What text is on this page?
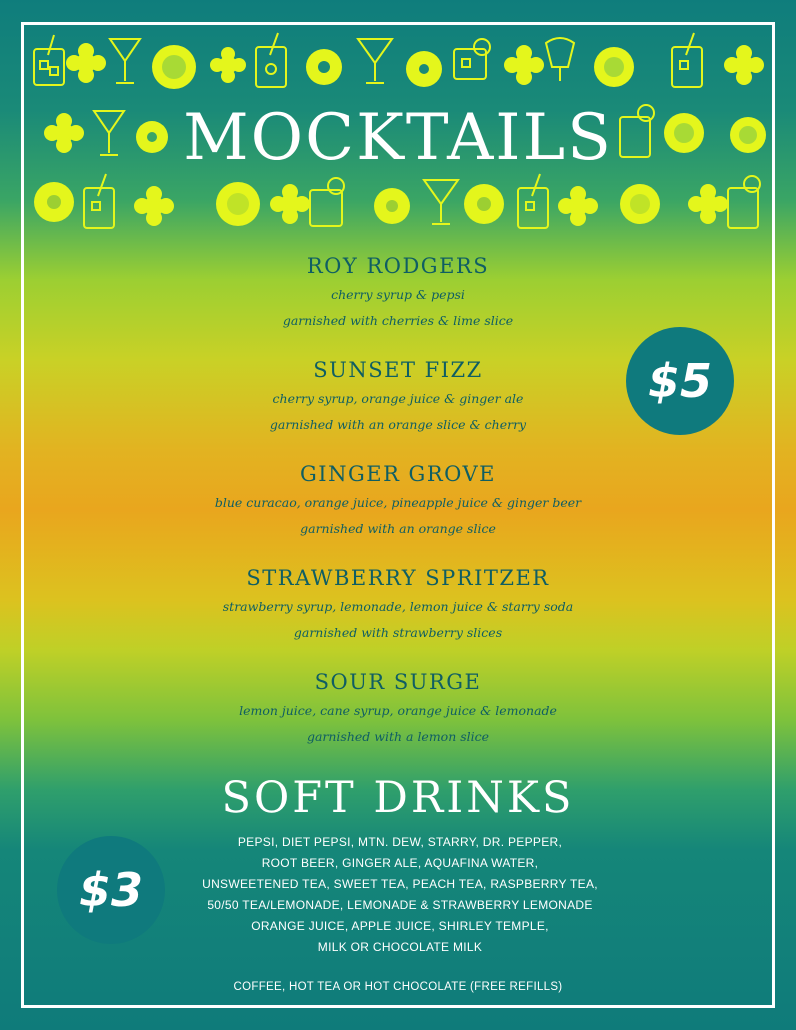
MOCKTAILS
ROY RODGERS
cherry syrup & pepsi
garnished with cherries & lime slice
SUNSET FIZZ
cherry syrup, orange juice & ginger ale
garnished with an orange slice & cherry
GINGER GROVE
blue curacao, orange juice, pineapple juice & ginger beer
garnished with an orange slice
STRAWBERRY SPRITZER
strawberry syrup, lemonade, lemon juice & starry soda
garnished with strawberry slices
SOUR SURGE
lemon juice, cane syrup, orange juice & lemonade
garnished with a lemon slice
$5
SOFT DRINKS
$3
PEPSI, DIET PEPSI, MTN. DEW, STARRY, DR. PEPPER,
ROOT BEER, GINGER ALE, AQUAFINA WATER,
UNSWEETENED TEA, SWEET TEA, PEACH TEA, RASPBERRY TEA,
50/50 TEA/LEMONADE, LEMONADE & STRAWBERRY LEMONADE
ORANGE JUICE, APPLE JUICE, SHIRLEY TEMPLE,
MILK OR CHOCOLATE MILK
COFFEE, HOT TEA OR HOT CHOCOLATE (FREE REFILLS)
